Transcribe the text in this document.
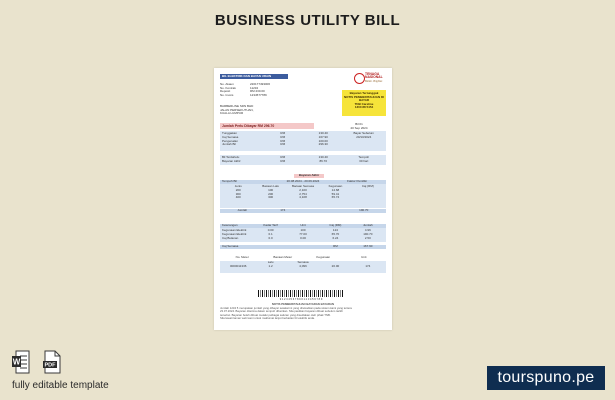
BUSINESS UTILITY BILL
BIL ELEKTRIK DAN BAYAN URAIN	TENAGA
NASIONAL
Better. Brighter.
No. Akaun	220177493006
No. Kontrak	11232
Deposit	RM 230.00
No. Invois	1234577789
BARBERLINE SDN BHD
JALAN PERSEKUTUAN,
KUALA LUMPUR
Bayaran Tertunggak
NOTIS PEMBERITAHUAN DI
BAYAR
TNB Careline
1300 88 5454
Jumlah Perlu Dibayar RM 296.70	Bil 01
20 Sep 2024
Tunggakan	RM	130.40	Bayar Sebelum
Caj Semasa	RM	167.90	20/10/2024
Pengenalan	RM	100.00
Jumlah Bil	RM	296.30
Bil Terdahulu	RM	130.40	Tempoh
Bayaran Akhir	RM	86.70	30 hari
Bayaran Akhir
Tempoh Bil	20.08.2024 - 20.09.2024	Faktor Pemiliki
Jenis	Bacaan Lalu	Bacaan Semasa	Kegunaan	Caj (RM)
200	100	2,100	14.68
300	200	2,754	59.41
400	300	4,108	65.74
Jumlah	174	190.70
Keterangan	Kadar Tarif	Unit	Caj (RM)	Jumlah
Kegunaan Elektrik	0.00	100	124	4.96
Kegunaan Elektrik	0.1	77.00	65.70	190.70
Caj Bulanan	0.0	0.00	6.24	2.50
Caj Semasa	RM	167.90
No. Meter	Bacaan Meter	Kegunaan	Unit
Lalu	Semasa
0000011336	1.2	4,096	20.00	174
9 1 2 3 4 5 6 7 8 9 0 1 2 3 4 5 6 7 8 9
NOTIS PEMBERITAHUAN BAYARAN BAYARAN
Jumlah 1234 5 merupakan jumlah yang dibayar setakat ini yang direkodkan pada sistem kami yang tertera
23.07.2024. Bayaran diterima dalam tempoh diberikan. Sila pastikan bayaran dibuat sebelum tarikh
tersebut. Bayaran boleh dibuat melalui pelbagai saluran yang disediakan oleh pihak TNB.
Sila lawati laman web kami untuk maklumat lanjut berkaitan bil elektrik anda.
W	PDF
fully editable template	tourspuno.pe
